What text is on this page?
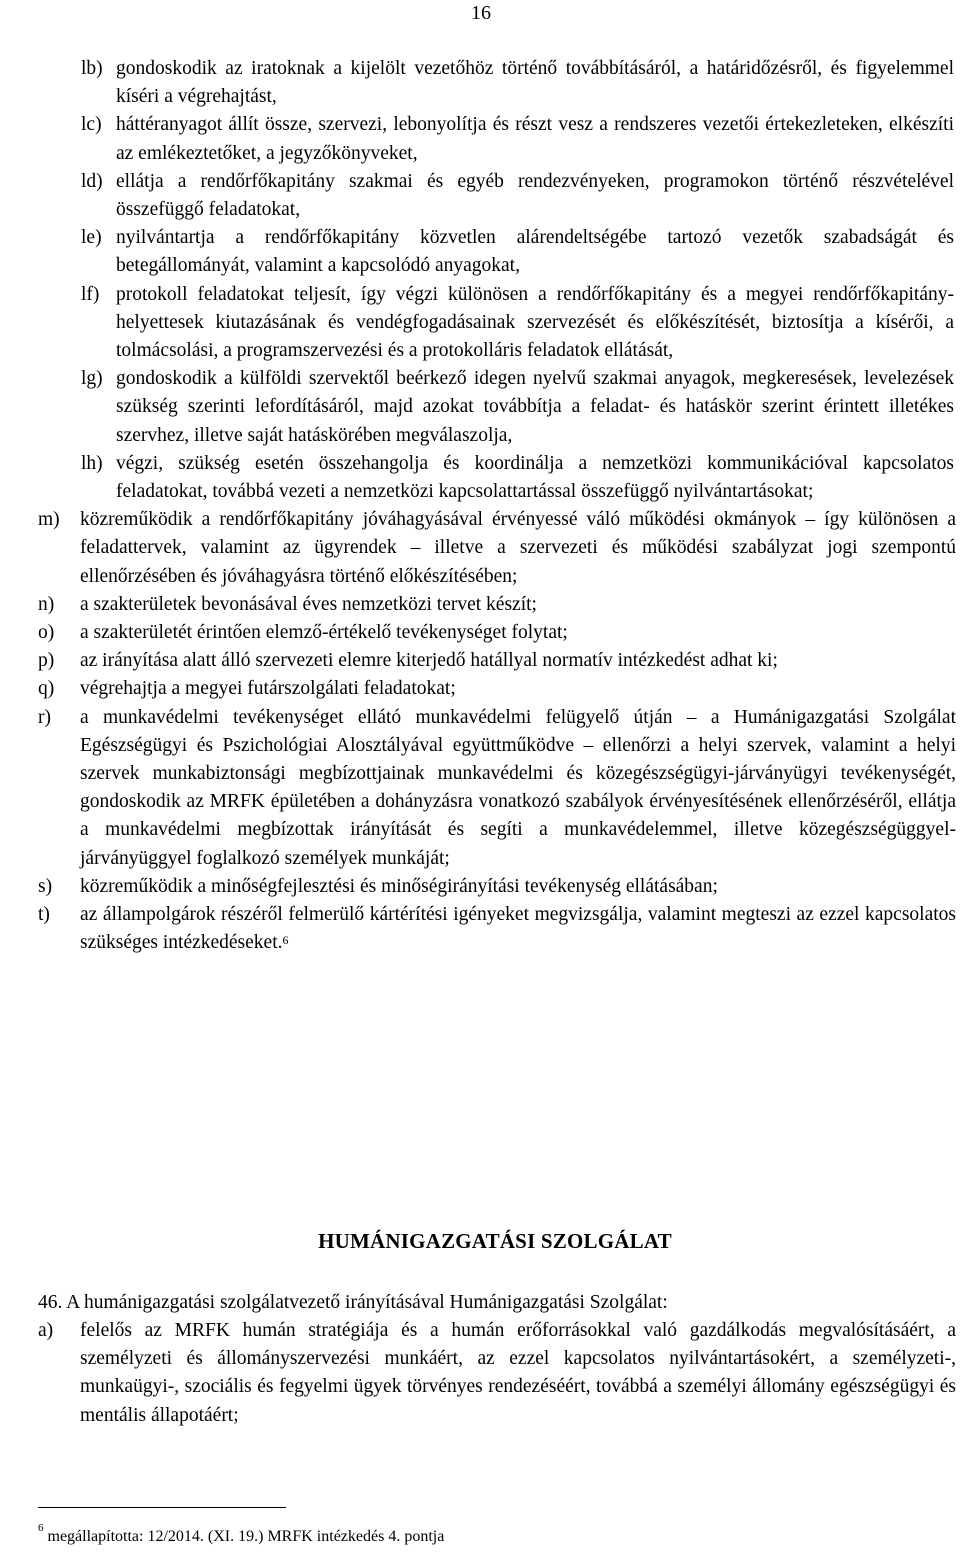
16

lb) gondoskodik az iratoknak a kijelölt vezetőhöz történő továbbításáról, a határidőzésről, és figyelemmel kíséri a végrehajtást,

lc) háttéranyagot állít össze, szervezi, lebonyolítja és részt vesz a rendszeres vezetői értekezleteken, elkészíti az emlékeztetőket, a jegyzőkönyveket,

ld) ellátja a rendőrfőkapitány szakmai és egyéb rendezvényeken, programokon történő részvételével összefüggő feladatokat,

le) nyilvántartja a rendőrfőkapitány közvetlen alárendeltségébe tartozó vezetők szabadságát és betegállományát, valamint a kapcsolódó anyagokat,

lf) protokoll feladatokat teljesít, így végzi különösen a rendőrfőkapitány és a megyei rendőrfőkapitány-helyettesek kiutazásának és vendégfogadásainak szervezését és előkészítését, biztosítja a kísérői, a tolmácsolási, a programszervezési és a protokolláris feladatok ellátását,

lg) gondoskodik a külföldi szervektől beérkező idegen nyelvű szakmai anyagok, megkeresések, levelezések szükség szerinti lefordításáról, majd azokat továbbítja a feladat- és hatáskör szerint érintett illetékes szervhez, illetve saját hatáskörében megválaszolja,

lh) végzi, szükség esetén összehangolja és koordinálja a nemzetközi kommunikációval kapcsolatos feladatokat, továbbá vezeti a nemzetközi kapcsolattartással összefüggő nyilvántartásokat;

m) közreműködik a rendőrfőkapitány jóváhagyásával érvényessé váló működési okmányok – így különösen a feladattervek, valamint az ügyrendek – illetve a szervezeti és működési szabályzat jogi szempontú ellenőrzésében és jóváhagyásra történő előkészítésében;

n) a szakterületek bevonásával éves nemzetközi tervet készít;

o) a szakterületét érintően elemző-értékelő tevékenységet folytat;

p) az irányítása alatt álló szervezeti elemre kiterjedő hatállyal normatív intézkedést adhat ki;

q) végrehajtja a megyei futárszolgálati feladatokat;

r) a munkavédelmi tevékenységet ellátó munkavédelmi felügyelő útján – a Humánigazgatási Szolgálat Egészségügyi és Pszichológiai Alosztályával együttműködve – ellenőrzi a helyi szervek, valamint a helyi szervek munkabiztonsági megbízottjainak munkavédelmi és közegészségügyi-járványügyi tevékenységét, gondoskodik az MRFK épületében a dohányzásra vonatkozó szabályok érvényesítésének ellenőrzéséről, ellátja a munkavédelmi megbízottak irányítását és segíti a munkavédelemmel, illetve közegészségüggyel-járványüggyel foglalkozó személyek munkáját;

s) közreműködik a minőségfejlesztési és minőségirányítási tevékenység ellátásában;

t) az állampolgárok részéről felmerülő kártérítési igényeket megvizsgálja, valamint megteszi az ezzel kapcsolatos szükséges intézkedéseket.$^6$

HUMÁNIGAZGATÁSI SZOLGÁLAT
46. A humánigazgatási szolgálatvezető irányításával Humánigazgatási Szolgálat:

a) felelős az MRFK humán stratégiája és a humán erőforrásokkal való gazdálkodás megvalósításáért, a személyzeti és állományszervezési munkáért, az ezzel kapcsolatos nyilvántartásokért, a személyzeti-, munkaügyi-, szociális és fegyelmi ügyek törvényes rendezéséért, továbbá a személyi állomány egészségügyi és mentális állapotáért;

$^6$ megállapította: 12/2014. (XI. 19.) MRFK intézkedés 4. pontja
